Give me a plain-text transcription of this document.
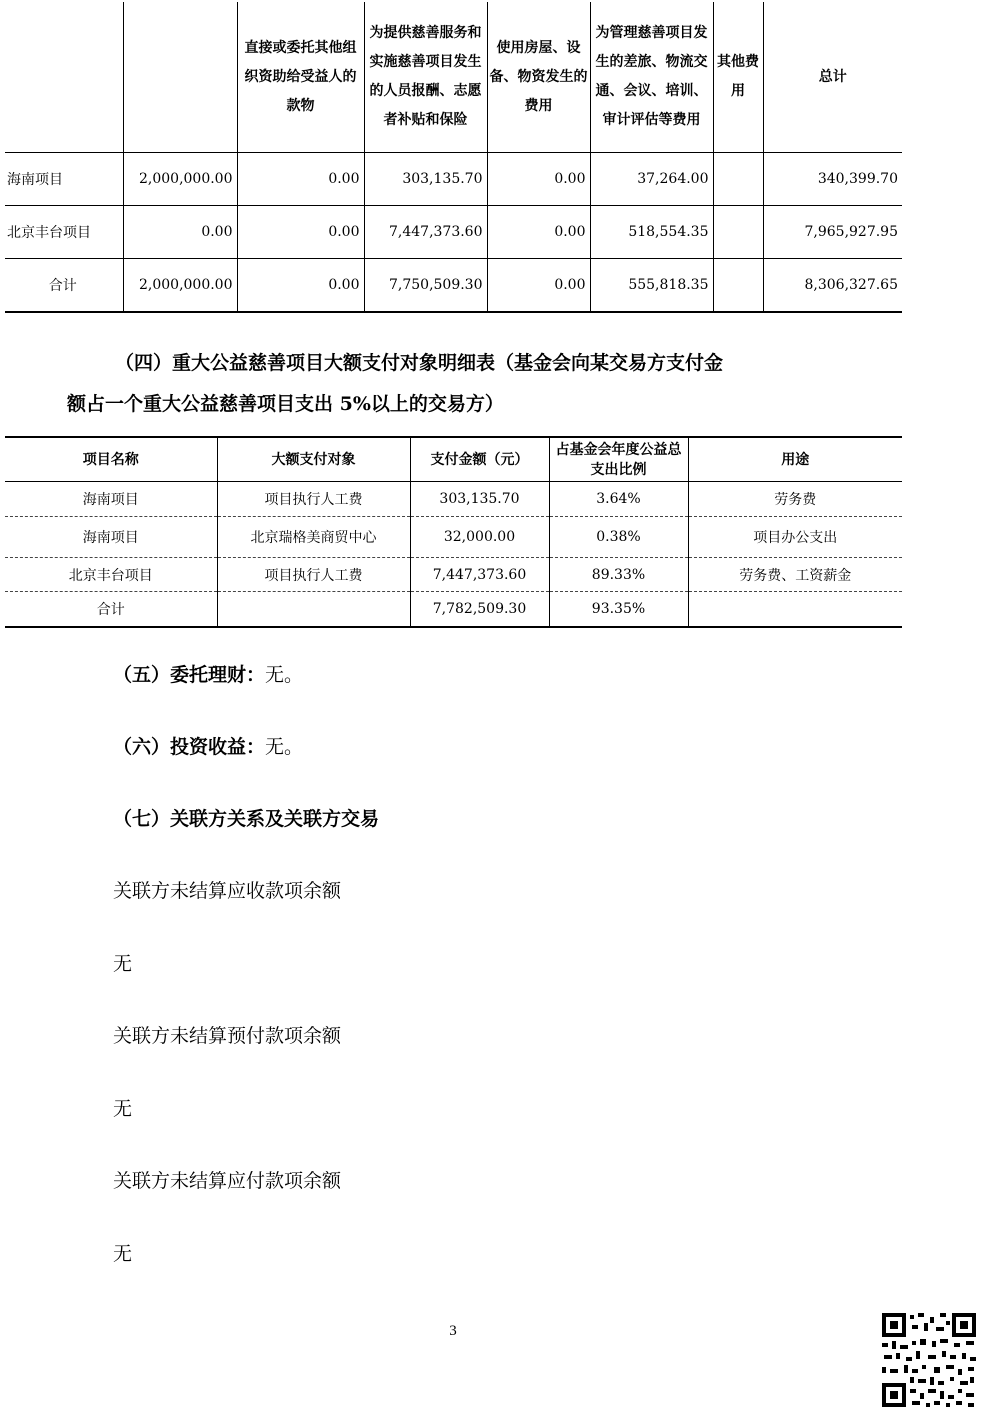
		直接或委托其他组织资助给受益人的款物	为提供慈善服务和实施慈善项目发生的人员报酬、志愿者补贴和保险	使用房屋、设备、物资发生的费用	为管理慈善项目发生的差旅、物流交通、会议、培训、审计评估等费用	其他费用	总计
海南项目	2,000,000.00	0.00	303,135.70	0.00	37,264.00		340,399.70
北京丰台项目	0.00	0.00	7,447,373.60	0.00	518,554.35		7,965,927.95
合计	2,000,000.00	0.00	7,750,509.30	0.00	555,818.35		8,306,327.65
（四）重大公益慈善项目大额支付对象明细表（基金会向某交易方支付金
额占一个重大公益慈善项目支出 5%以上的交易方）
项目名称	大额支付对象	支付金额（元）	占基金会年度公益总支出比例	用途
海南项目	项目执行人工费	303,135.70	3.64%	劳务费
海南项目	北京瑞格美商贸中心	32,000.00	0.38%	项目办公支出
北京丰台项目	项目执行人工费	7,447,373.60	89.33%	劳务费、工资薪金
合计		7,782,509.30	93.35%	
（五）委托理财：无。
（六）投资收益：无。
（七）关联方关系及关联方交易
关联方未结算应收款项余额
无
关联方未结算预付款项余额
无
关联方未结算应付款项余额
无
3
